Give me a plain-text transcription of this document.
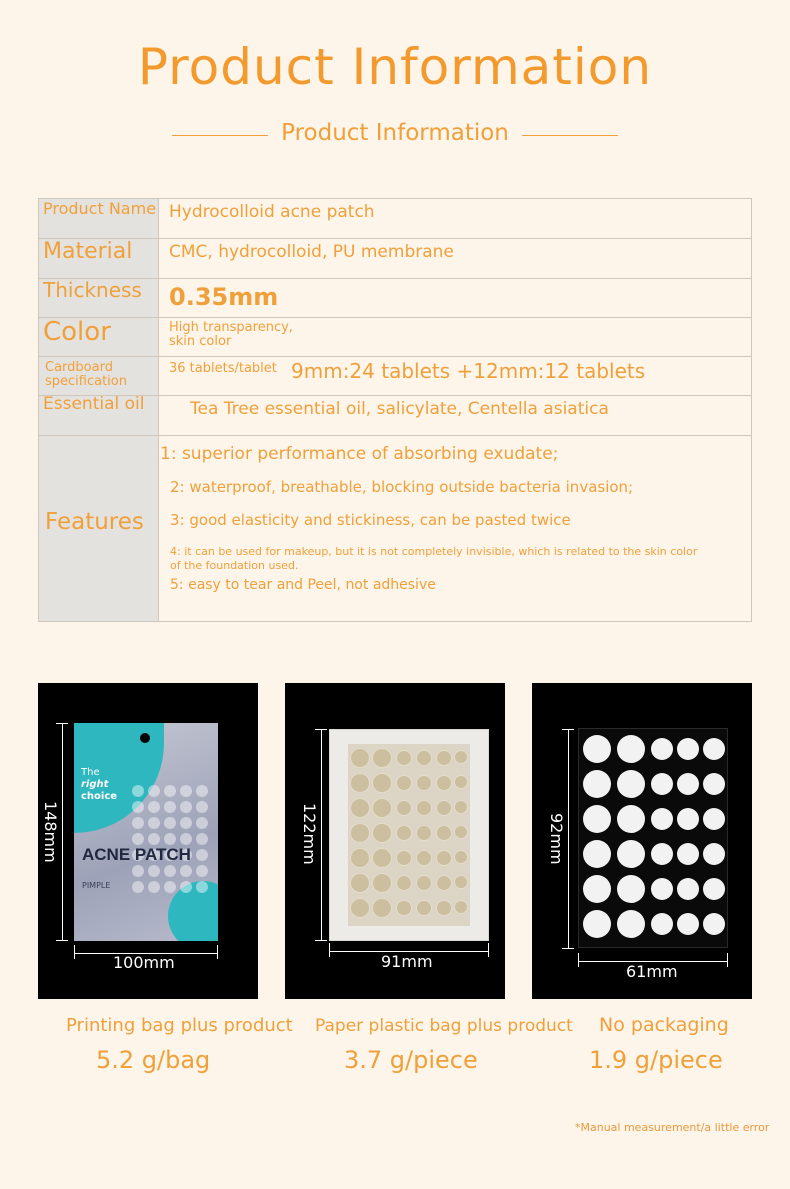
Product Information
Product Information
Product Name Hydrocolloid acne patch
Material CMC, hydrocolloid, PU membrane
Thickness 0.35mm
Color	High transparency,
skin color
Cardboard
specification
36 tablets/tablet 9mm:24 tablets +12mm:12 tablets
Essential oil	Tea Tree essential oil, salicylate, Centella asiatica
Features
1: superior performance of absorbing exudate;
2: waterproof, breathable, blocking outside bacteria invasion;
3: good elasticity and stickiness, can be pasted twice
4: it can be used for makeup, but it is not completely invisible, which is related to the skin color
of the foundation used.
5: easy to tear and Peel, not adhesive
The
right
choice
ACNE PATCH
PIMPLE
148mm
100mm
122mm
91mm
92mm
61mm
Printing bag plus product Paper plastic bag plus product No packaging
5.2 g/bag	3.7 g/piece	1.9 g/piece
*Manual measurement/a little error
